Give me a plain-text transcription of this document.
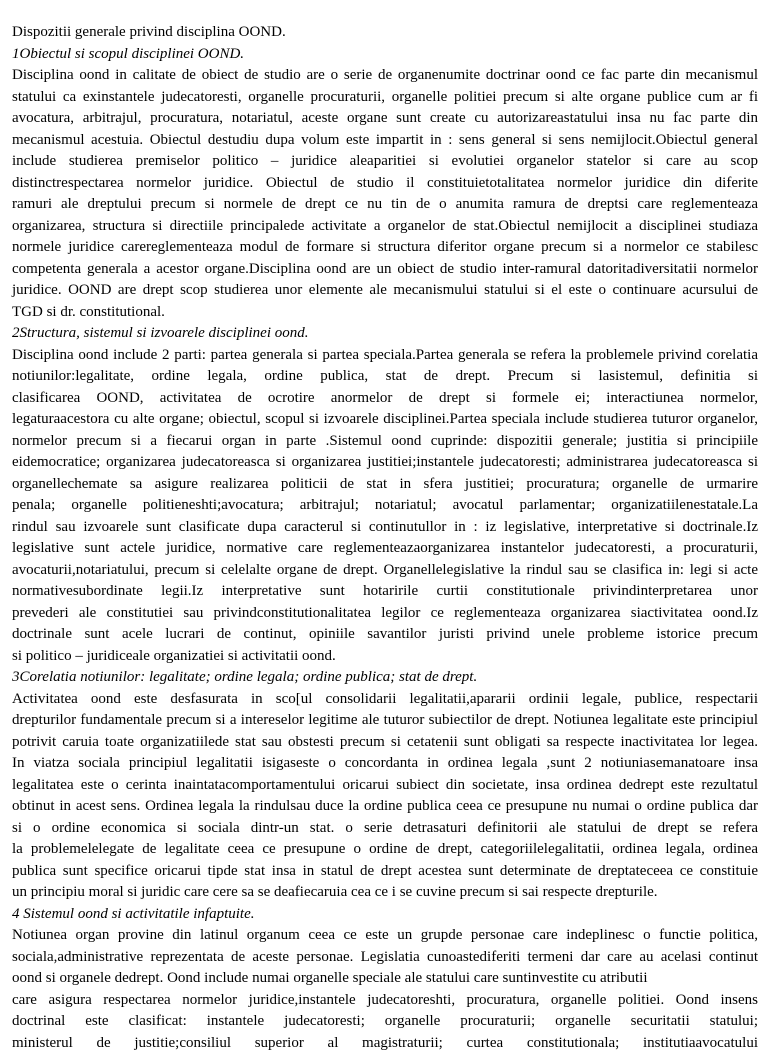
Dispozitii generale privind disciplina OOND.
1Obiectul si scopul disciplinei OOND.
Disciplina oond in calitate de obiect de studio are o serie de organenumite doctrinar oond ce fac parte din mecanismul
statului ca exinstantele judecatoresti, organelle procuraturii, organelle politiei precum si alte organe publice cum ar fi
avocatura, arbitrajul, procuratura, notariatul, aceste organe sunt create cu autorizareastatului insa nu fac parte din
mecanismul acestuia. Obiectul destudiu dupa volum este impartit in : sens general si sens nemijlocit.Obiectul general
include studierea premiselor politico – juridice aleaparitiei si evolutiei organelor statelor si care au scop
distinctrespectarea normelor juridice. Obiectul de studio il constituietotalitatea normelor juridice din diferite
ramuri ale dreptului precum si normele de drept ce nu tin de o anumita ramura de dreptsi care reglementeaza
organizarea, structura si directiile principalede activitate a organelor de stat.Obiectul nemijlocit a disciplinei studiaza
normele juridice carereglementeaza modul de formare si structura diferitor organe precum si a normelor ce stabilesc
competenta generala a acestor organe.Disciplina oond are un obiect de studio inter-ramural datoritadiversitatii normelor
juridice. OOND are drept scop studierea unor elemente ale mecanismului statului si el este o continuare acursului de
TGD si dr. constitutional.
2Structura, sistemul si izvoarele disciplinei oond.
Disciplina oond include 2 parti: partea generala si partea speciala.Partea generala se refera la problemele privind corelatia
notiunilor:legalitate, ordine legala, ordine publica, stat de drept. Precum si lasistemul, definitia si
clasificarea OOND, activitatea de ocrotire anormelor de drept si formele ei; interactiunea normelor,
legaturaacestora cu alte organe; obiectul, scopul si izvoarele disciplinei.Partea speciala include studierea tuturor organelor,
normelor precum si a fiecarui organ in parte .Sistemul oond cuprinde: dispozitii generale; justitia si principiile
eidemocratice; organizarea judecatoreasca si organizarea justitiei;instantele judecatoresti; administrarea judecatoreasca si
organellechemate sa asigure realizarea politicii de stat in sfera justitiei; procuratura; organelle de urmarire
penala; organelle politieneshti;avocatura; arbitrajul; notariatul; avocatul parlamentar; organizatiilenestatale.La
rindul sau izvoarele sunt clasificate dupa caracterul si continutullor in : iz legislative, interpretative si doctrinale.Iz
legislative sunt actele juridice, normative care reglementeazaorganizarea instantelor judecatoresti, a procuraturii,
avocaturii,notariatului, precum si celelalte organe de drept. Organellelegislative la rindul sau se clasifica in: legi si acte
normativesubordinate legii.Iz interpretative sunt hotaririle curtii constitutionale privindinterpretarea unor
prevederi ale constitutiei sau privindconstitutionalitatea legilor ce reglementeaza organizarea siactivitatea oond.Iz
doctrinale sunt acele lucrari de continut, opiniile savantilor juristi privind unele probleme istorice precum
si politico – juridiceale organizatiei si activitatii oond.
3Corelatia notiunilor: legalitate; ordine legala; ordine publica; stat de drept.
Activitatea oond este desfasurata in sco[ul consolidarii legalitatii,apararii ordinii legale, publice, respectarii
drepturilor fundamentale precum si a intereselor legitime ale tuturor subiectilor de drept. Notiunea legalitate este principiul
potrivit caruia toate organizatiilede stat sau obstesti precum si cetatenii sunt obligati sa respecte inactivitatea lor legea.
In viatza sociala principiul legalitatii isigaseste o concordanta in ordinea legala ,sunt 2 notiuniasemanatoare insa
legalitatea este o cerinta inaintatacomportamentului oricarui subiect din societate, insa ordinea dedrept este rezultatul
obtinut in acest sens. Ordinea legala la rindulsau duce la ordine publica ceea ce presupune nu numai o ordine publica dar
si o ordine economica si sociala dintr-un stat. o serie detrasaturi definitorii ale statului de drept se refera
la problemelelegate de legalitate ceea ce presupune o ordine de drept, categoriilelegalitatii, ordinea legala, ordinea
publica sunt specifice oricarui tipde stat insa in statul de drept acestea sunt determinate de dreptateceea ce constituie
un principiu moral si juridic care cere sa se deafiecaruia cea ce i se cuvine precum si sai respecte drepturile.
4 Sistemul oond si activitatile infaptuite.
Notiunea organ provine din latinul organum ceea ce este un grupde personae care indeplinesc o functie politica,
sociala,administrative reprezentata de aceste personae. Legislatia cunoastediferiti termeni dar care au acelasi continut
oond si organele dedrept. Oond include numai organelle speciale ale statului care suntinvestite cu atributii
care asigura respectarea normelor juridice,instantele judecatoreshti, procuratura, organelle politiei. Oond insens
doctrinal este clasificat: instantele judecatoresti; organelle procuraturii; organelle securitatii statului;
ministerul de justitie;consiliul superior al magistraturii; curtea constitutionala; institutiaavocatului
